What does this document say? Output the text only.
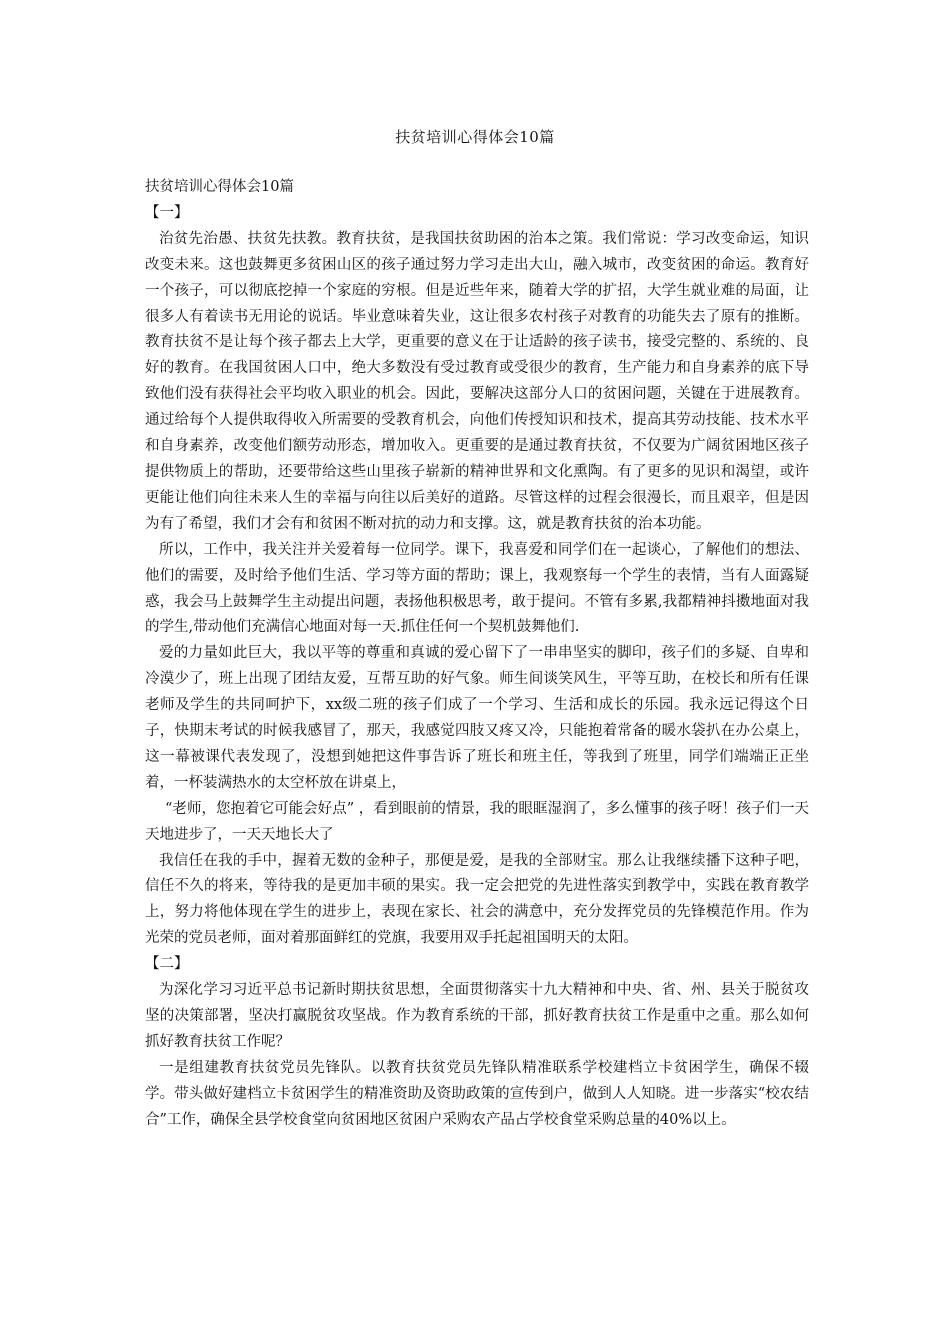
扶贫培训心得体会10篇

扶贫培训心得体会10篇

【一】

治贫先治愚、扶贫先扶教。教育扶贫，是我国扶贫助困的治本之策。我们常说：学习改变命运，知识改变未来。这也鼓舞更多贫困山区的孩子通过努力学习走出大山，融入城市，改变贫困的命运。教育好一个孩子，可以彻底挖掉一个家庭的穷根。但是近些年来，随着大学的扩招，大学生就业难的局面，让很多人有着读书无用论的说话。毕业意味着失业，这让很多农村孩子对教育的功能失去了原有的推断。教育扶贫不是让每个孩子都去上大学，更重要的意义在于让适龄的孩子读书，接受完整的、系统的、良好的教育。在我国贫困人口中，绝大多数没有受过教育或受很少的教育，生产能力和自身素养的底下导致他们没有获得社会平均收入职业的机会。因此，要解决这部分人口的贫困问题，关键在于进展教育。通过给每个人提供取得收入所需要的受教育机会，向他们传授知识和技术，提高其劳动技能、技术水平和自身素养，改变他们额劳动形态，增加收入。更重要的是通过教育扶贫，不仅要为广阔贫困地区孩子提供物质上的帮助，还要带给这些山里孩子崭新的精神世界和文化熏陶。有了更多的见识和渴望，或许更能让他们向往未来人生的幸福与向往以后美好的道路。尽管这样的过程会很漫长，而且艰辛，但是因为有了希望，我们才会有和贫困不断对抗的动力和支撑。这，就是教育扶贫的治本功能。

所以，工作中，我关注并关爱着每一位同学。课下，我喜爱和同学们在一起谈心，了解他们的想法、他们的需要，及时给予他们生活、学习等方面的帮助；课上，我观察每一个学生的表情，当有人面露疑惑，我会马上鼓舞学生主动提出问题，表扬他积极思考，敢于提问。不管有多累,我都精神抖擞地面对我的学生,带动他们充满信心地面对每一天.抓住任何一个契机鼓舞他们.

爱的力量如此巨大，我以平等的尊重和真诚的爱心留下了一串串坚实的脚印，孩子们的多疑、自卑和冷漠少了，班上出现了团结友爱，互帮互助的好气象。师生间谈笑风生，平等互助，在校长和所有任课老师及学生的共同呵护下，xx级二班的孩子们成了一个学习、生活和成长的乐园。我永远记得这个日子，快期末考试的时候我感冒了，那天，我感觉四肢又疼又冷，只能抱着常备的暖水袋扒在办公桌上，这一幕被课代表发现了，没想到她把这件事告诉了班长和班主任，等我到了班里，同学们端端正正坐着，一杯装满热水的太空杯放在讲桌上，

“老师，您抱着它可能会好点” ，看到眼前的情景，我的眼眶湿润了，多么懂事的孩子呀！孩子们一天天地进步了，一天天地长大了

我信任在我的手中，握着无数的金种子，那便是爱，是我的全部财宝。那么让我继续播下这种子吧，信任不久的将来，等待我的是更加丰硕的果实。我一定会把党的先进性落实到教学中，实践在教育教学上，努力将他体现在学生的进步上，表现在家长、社会的满意中，充分发挥党员的先锋模范作用。作为光荣的党员老师，面对着那面鲜红的党旗，我要用双手托起祖国明天的太阳。

【二】

为深化学习习近平总书记新时期扶贫思想，全面贯彻落实十九大精神和中央、省、州、县关于脱贫攻坚的决策部署，坚决打赢脱贫攻坚战。作为教育系统的干部，抓好教育扶贫工作是重中之重。那么如何抓好教育扶贫工作呢？

一是组建教育扶贫党员先锋队。以教育扶贫党员先锋队精准联系学校建档立卡贫困学生，确保不辍学。带头做好建档立卡贫困学生的精准资助及资助政策的宣传到户，做到人人知晓。进一步落实“校农结合”工作，确保全县学校食堂向贫困地区贫困户采购农产品占学校食堂采购总量的40%以上。
